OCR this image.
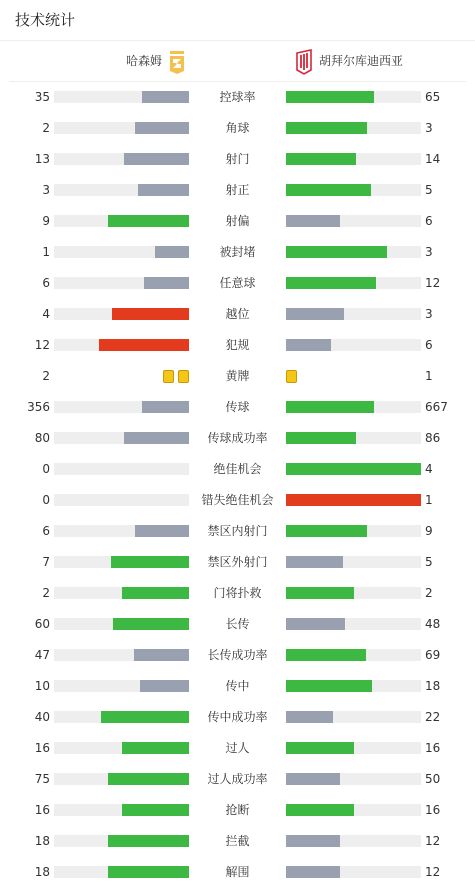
技术统计
哈森姆	胡拜尔库迪西亚
35	控球率	65
2	角球	3
13	射门	14
3	射正	5
9	射偏	6
1	被封堵	3
6	任意球	12
4	越位	3
12	犯规	6
2	黄牌	1
356	传球	667
80	传球成功率	86
0	绝佳机会	4
0	错失绝佳机会	1
6	禁区内射门	9
7	禁区外射门	5
2	门将扑救	2
60	长传	48
47	长传成功率	69
10	传中	18
40	传中成功率	22
16	过人	16
75	过人成功率	50
16	抢断	16
18	拦截	12
18	解围	12
